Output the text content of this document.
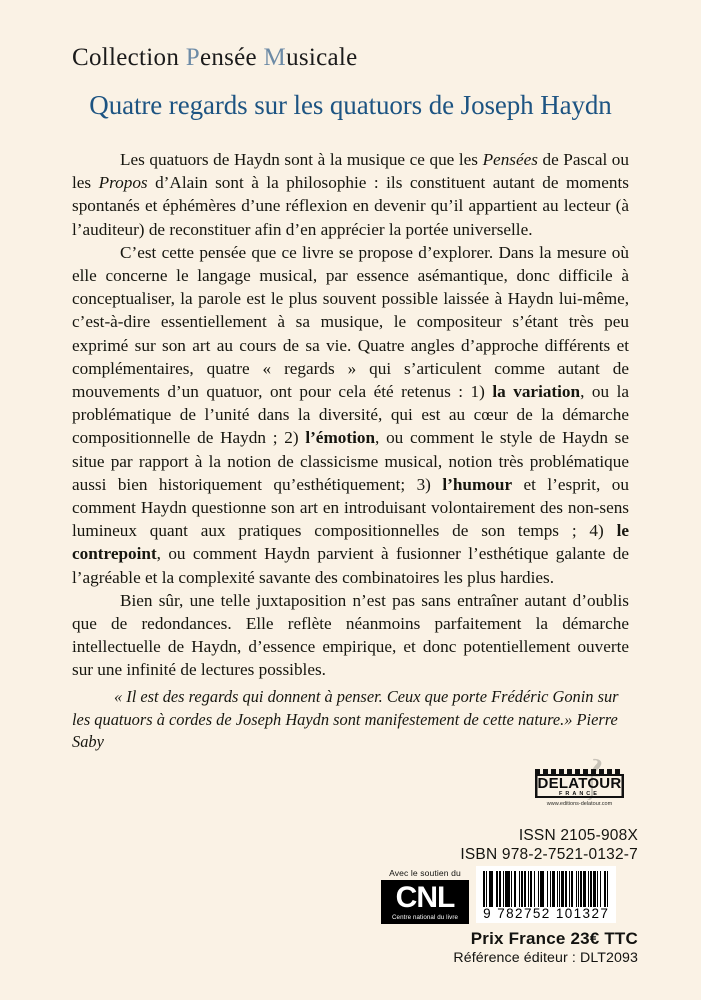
Collection Pensée Musicale
Quatre regards sur les quatuors de Joseph Haydn

Les quatuors de Haydn sont à la musique ce que les Pensées de Pascal ou les Propos d’Alain sont à la philosophie : ils constituent autant de moments spontanés et éphémères d’une réflexion en devenir qu’il appartient au lecteur (à l’auditeur) de reconstituer afin d’en apprécier la portée universelle.

C’est cette pensée que ce livre se propose d’explorer. Dans la mesure où elle concerne le langage musical, par essence asémantique, donc difficile à conceptualiser, la parole est le plus souvent possible laissée à Haydn lui-même, c’est-à-dire essentiellement à sa musique, le compositeur s’étant très peu exprimé sur son art au cours de sa vie. Quatre angles d’approche différents et complémentaires, quatre « regards » qui s’articulent comme autant de mouvements d’un quatuor, ont pour cela été retenus : 1) la variation, ou la problématique de l’unité dans la diversité, qui est au cœur de la démarche compositionnelle de Haydn ; 2) l’émotion, ou comment le style de Haydn se situe par rapport à la notion de classicisme musical, notion très problématique aussi bien historiquement qu’esthétiquement; 3) l’humour et l’esprit, ou comment Haydn questionne son art en introduisant volontairement des non-sens lumineux quant aux pratiques compositionnelles de son temps ; 4) le contrepoint, ou comment Haydn parvient à fusionner l’esthétique galante de l’agréable et la complexité savante des combinatoires les plus hardies.

Bien sûr, une telle juxtaposition n’est pas sans entraîner autant d’oublis que de redondances. Elle reflète néanmoins parfaitement la démarche intellectuelle de Haydn, d’essence empirique, et donc potentiellement ouverte sur une infinité de lectures possibles.

« Il est des regards qui donnent à penser. Ceux que porte Frédéric Gonin sur les quatuors à cordes de Joseph Haydn sont manifestement de cette nature.» Pierre Saby
DELATOUR
FRANCE
www.editions-delatour.com
ISSN 2105-908X
ISBN 978-2-7521-0132-7
Avec le soutien du
CNL
Centre national du livre	9 782752 101327
Prix France 23€ TTC
Référence éditeur : DLT2093
